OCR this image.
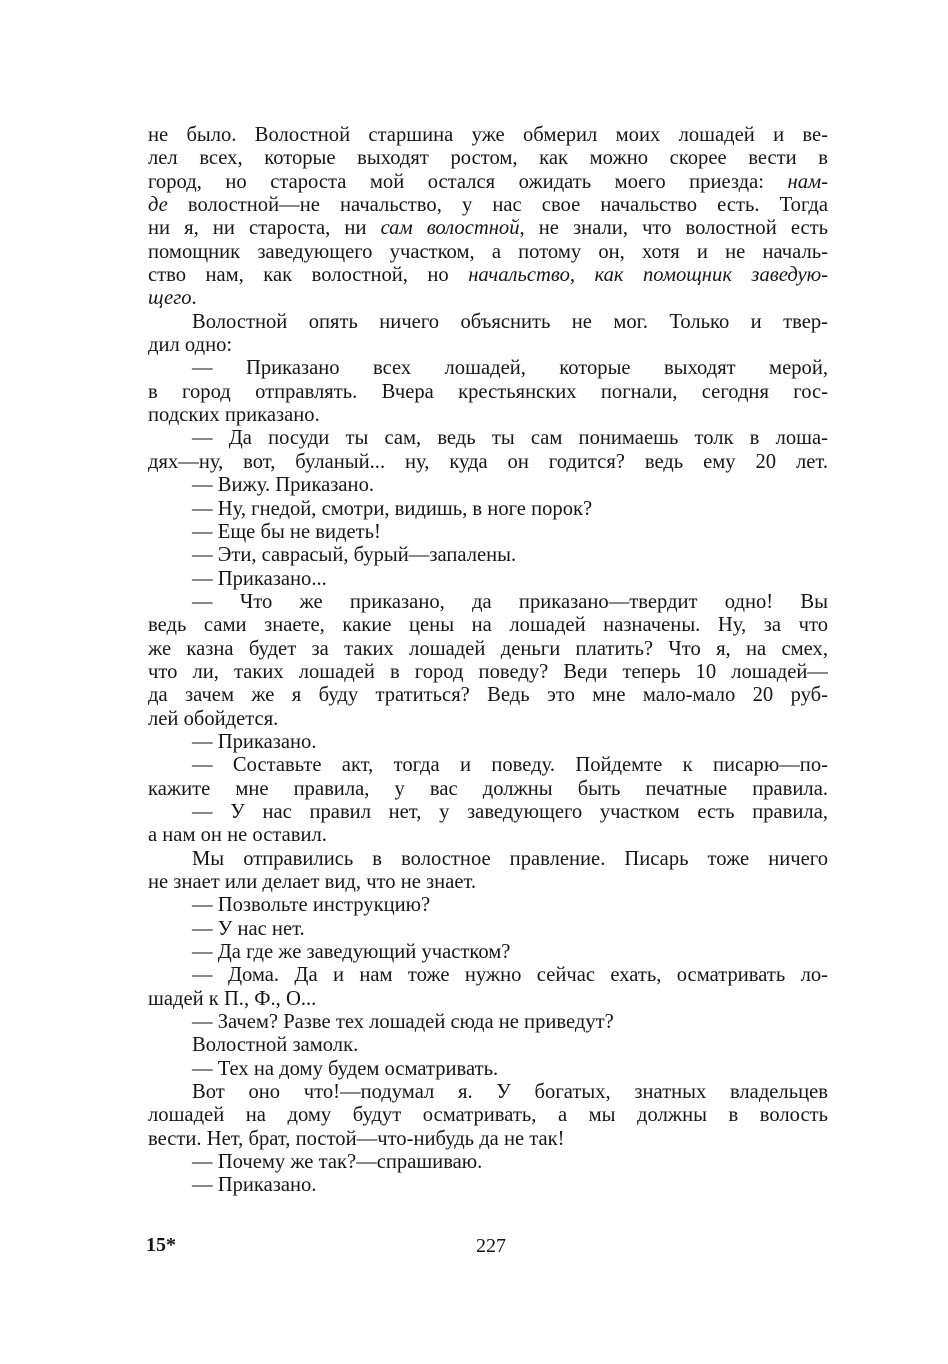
не было. Волостной старшина уже обмерил моих лошадей и ве-
лел всех, которые выходят ростом, как можно скорее вести в
город, но староста мой остался ожидать моего приезда: нам-
де волостной—не начальство, у нас свое начальство есть. Тогда
ни я, ни староста, ни сам волостной, не знали, что волостной есть
помощник заведующего участком, а потому он, хотя и не началь-
ство нам, как волостной, но начальство, как помощник заведую-
щего.
Волостной опять ничего объяснить не мог. Только и твер-
дил одно:
— Приказано всех лошадей, которые выходят мерой,
в город отправлять. Вчера крестьянских погнали, сегодня гос-
подских приказано.
— Да посуди ты сам, ведь ты сам понимаешь толк в лоша-
дях—ну, вот, буланый... ну, куда он годится? ведь ему 20 лет.
— Вижу. Приказано.
— Ну, гнедой, смотри, видишь, в ноге порок?
— Еще бы не видеть!
— Эти, саврасый, бурый—запалены.
— Приказано...
— Что же приказано, да приказано—твердит одно! Вы
ведь сами знаете, какие цены на лошадей назначены. Ну, за что
же казна будет за таких лошадей деньги платить? Что я, на смех,
что ли, таких лошадей в город поведу? Веди теперь 10 лошадей—
да зачем же я буду тратиться? Ведь это мне мало-мало 20 руб-
лей обойдется.
— Приказано.
— Составьте акт, тогда и поведу. Пойдемте к писарю—по-
кажите мне правила, у вас должны быть печатные правила.
— У нас правил нет, у заведующего участком есть правила,
а нам он не оставил.
Мы отправились в волостное правление. Писарь тоже ничего
не знает или делает вид, что не знает.
— Позвольте инструкцию?
— У нас нет.
— Да где же заведующий участком?
— Дома. Да и нам тоже нужно сейчас ехать, осматривать ло-
шадей к П., Ф., О...
— Зачем? Разве тех лошадей сюда не приведут?
Волостной замолк.
— Тех на дому будем осматривать.
Вот оно что!—подумал я. У богатых, знатных владельцев
лошадей на дому будут осматривать, а мы должны в волость
вести. Нет, брат, постой—что-нибудь да не так!
— Почему же так?—спрашиваю.
— Приказано.
15*	227
